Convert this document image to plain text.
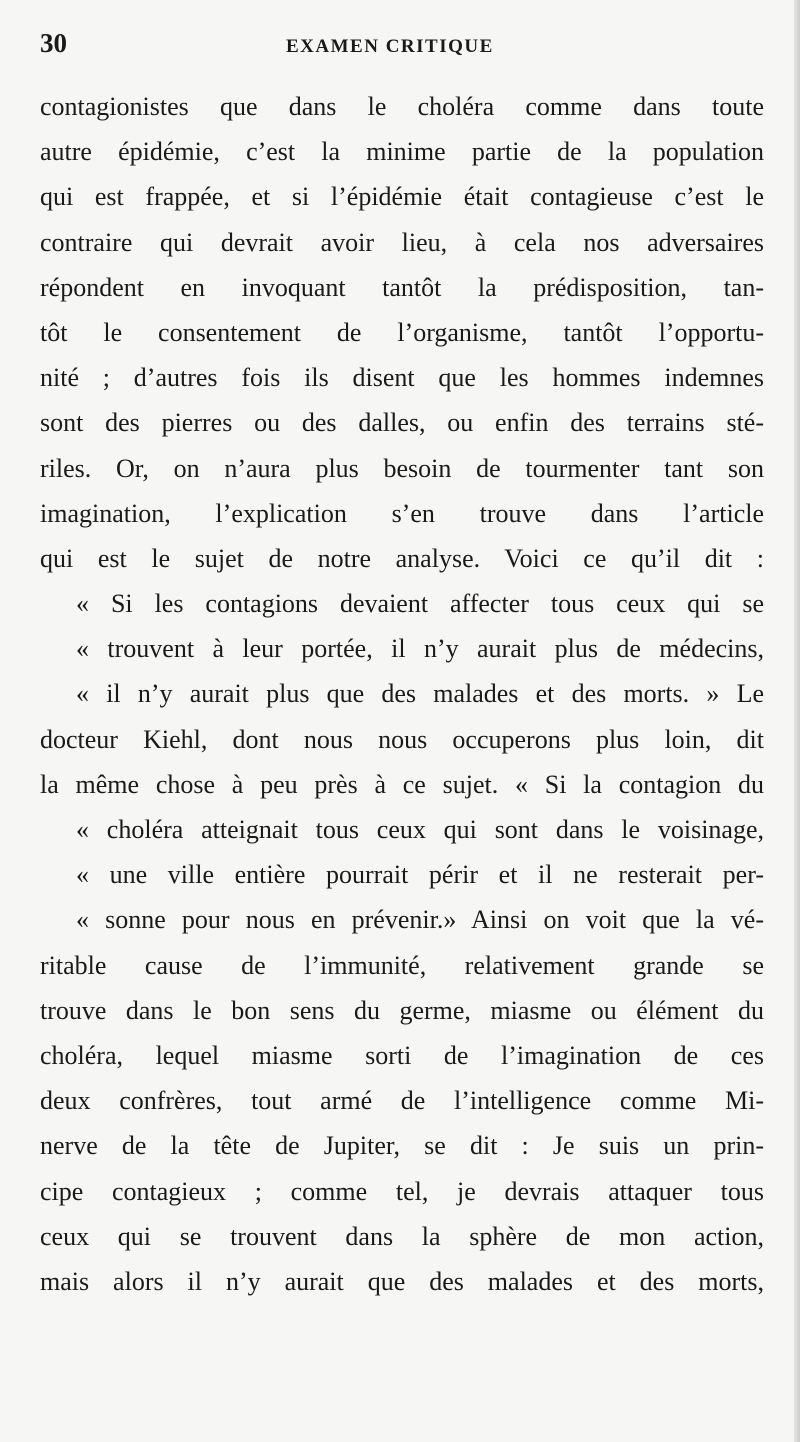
30	EXAMEN CRITIQUE
contagionistes que dans le choléra comme dans toute
autre épidémie, c’est la minime partie de la population
qui est frappée, et si l’épidémie était contagieuse c’est le
contraire qui devrait avoir lieu, à cela nos adversaires
répondent en invoquant tantôt la prédisposition, tan-
tôt le consentement de l’organisme, tantôt l’opportu-
nité ; d’autres fois ils disent que les hommes indemnes
sont des pierres ou des dalles, ou enfin des terrains sté-
riles. Or, on n’aura plus besoin de tourmenter tant son
imagination, l’explication s’en trouve dans l’article
qui est le sujet de notre analyse. Voici ce qu’il dit :
« Si les contagions devaient affecter tous ceux qui se
« trouvent à leur portée, il n’y aurait plus de médecins,
« il n’y aurait plus que des malades et des morts. » Le
docteur Kiehl, dont nous nous occuperons plus loin, dit
la même chose à peu près à ce sujet. « Si la contagion du
« choléra atteignait tous ceux qui sont dans le voisinage,
« une ville entière pourrait périr et il ne resterait per-
« sonne pour nous en prévenir.» Ainsi on voit que la vé-
ritable cause de l’immunité, relativement grande se
trouve dans le bon sens du germe, miasme ou élément du
choléra, lequel miasme sorti de l’imagination de ces
deux confrères, tout armé de l’intelligence comme Mi-
nerve de la tête de Jupiter, se dit : Je suis un prin-
cipe contagieux ; comme tel, je devrais attaquer tous
ceux qui se trouvent dans la sphère de mon action,
mais alors il n’y aurait que des malades et des morts,
